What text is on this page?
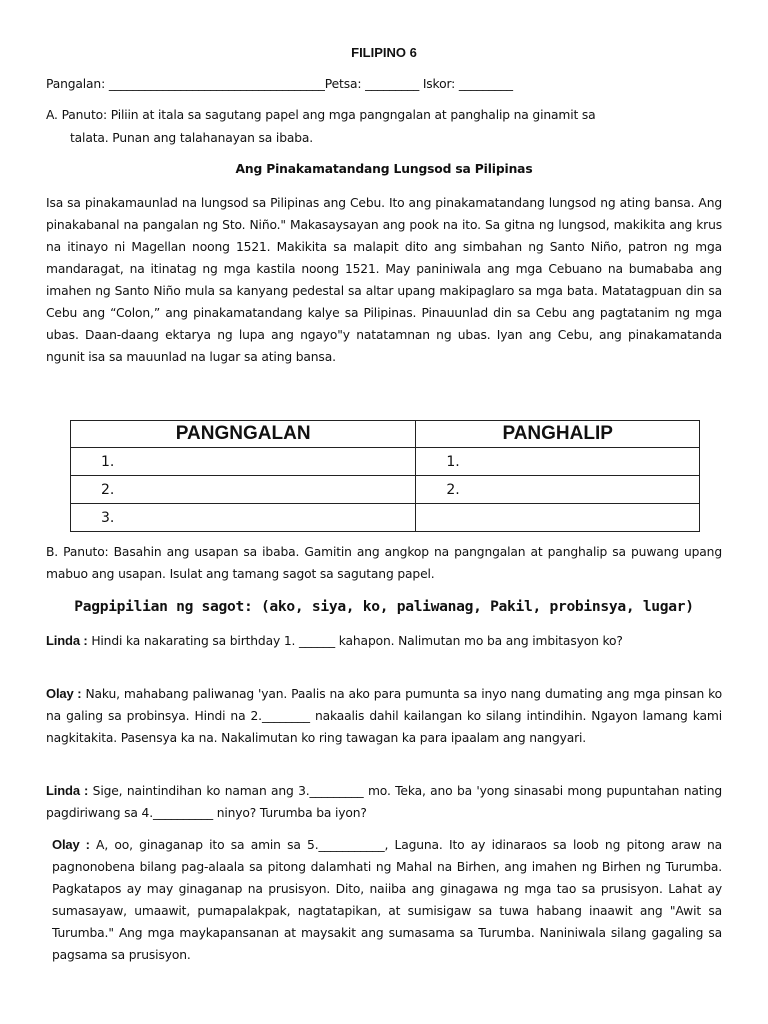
FILIPINO 6
Pangalan: ____________________________________Petsa: _________ Iskor: _________
A. Panuto: Piliin at itala sa sagutang papel ang mga pangngalan at panghalip na ginamit sa
talata. Punan ang talahanayan sa ibaba.
Ang Pinakamatandang Lungsod sa Pilipinas
Isa sa pinakamaunlad na lungsod sa Pilipinas ang Cebu. Ito ang pinakamatandang lungsod ng ating bansa. Ang pinakabanal na pangalan ng Sto. Niño." Makasaysayan ang pook na ito. Sa gitna ng lungsod, makikita ang krus na itinayo ni Magellan noong 1521. Makikita sa malapit dito ang simbahan ng Santo Niño, patron ng mga mandaragat, na itinatag ng mga kastila noong 1521. May paniniwala ang mga Cebuano na bumababa ang imahen ng Santo Niño mula sa kanyang pedestal sa altar upang makipaglaro sa mga bata. Matatagpuan din sa Cebu ang “Colon,” ang pinakamatandang kalye sa Pilipinas. Pinauunlad din sa Cebu ang pagtatanim ng mga ubas. Daan-daang ektarya ng lupa ang ngayo"y natatamnan ng ubas. Iyan ang Cebu, ang pinakamatanda ngunit isa sa mauunlad na lugar sa ating bansa.
PANGNGALAN	PANGHALIP
1.	1.
2.	2.
3.	
B. Panuto: Basahin ang usapan sa ibaba. Gamitin ang angkop na pangngalan at panghalip sa puwang upang mabuo ang usapan. Isulat ang tamang sagot sa sagutang papel.
Pagpipilian ng sagot: (ako, siya, ko, paliwanag, Pakil, probinsya, lugar)
Linda : Hindi ka nakarating sa birthday 1. ______ kahapon. Nalimutan mo ba ang imbitasyon ko?
Olay : Naku, mahabang paliwanag 'yan. Paalis na ako para pumunta sa inyo nang dumating ang mga pinsan ko na galing sa probinsya. Hindi na 2.________ nakaalis dahil kailangan ko silang intindihin. Ngayon lamang kami nagkitakita. Pasensya ka na. Nakalimutan ko ring tawagan ka para ipaalam ang nangyari.
Linda : Sige, naintindihan ko naman ang 3._________ mo. Teka, ano ba 'yong sinasabi mong pupuntahan nating pagdiriwang sa 4.__________ ninyo? Turumba ba iyon?
Olay : A, oo, ginaganap ito sa amin sa 5.___________, Laguna. Ito ay idinaraos sa loob ng pitong araw na pagnonobena bilang pag-alaala sa pitong dalamhati ng Mahal na Birhen, ang imahen ng Birhen ng Turumba. Pagkatapos ay may ginaganap na prusisyon. Dito, naiiba ang ginagawa ng mga tao sa prusisyon. Lahat ay sumasayaw, umaawit, pumapalakpak, nagtatapikan, at sumisigaw sa tuwa habang inaawit ang "Awit sa Turumba." Ang mga maykapansanan at maysakit ang sumasama sa Turumba. Naniniwala silang gagaling sa pagsama sa prusisyon.
